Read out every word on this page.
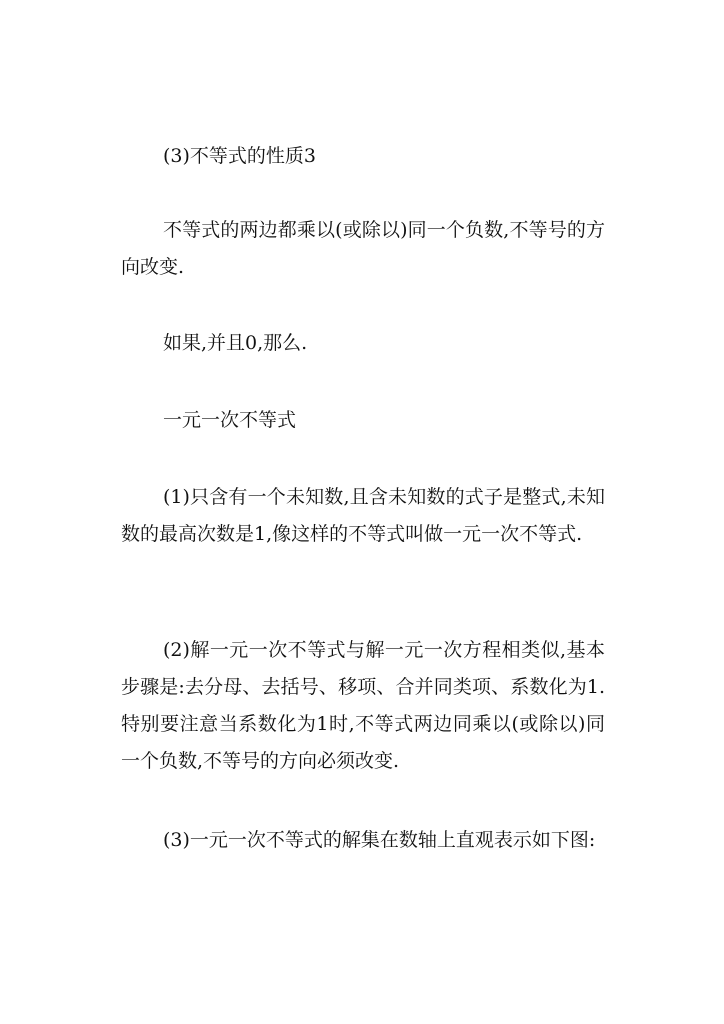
(3)不等式的性质3

不等式的两边都乘以(或除以)同一个负数,不等号的方向改变.

如果,并且0,那么.

一元一次不等式

(1)只含有一个未知数,且含未知数的式子是整式,未知数的最高次数是1,像这样的不等式叫做一元一次不等式.

(2)解一元一次不等式与解一元一次方程相类似,基本步骤是:去分母、去括号、移项、合并同类项、系数化为1.特别要注意当系数化为1时,不等式两边同乘以(或除以)同一个负数,不等号的方向必须改变.

(3)一元一次不等式的解集在数轴上直观表示如下图:
